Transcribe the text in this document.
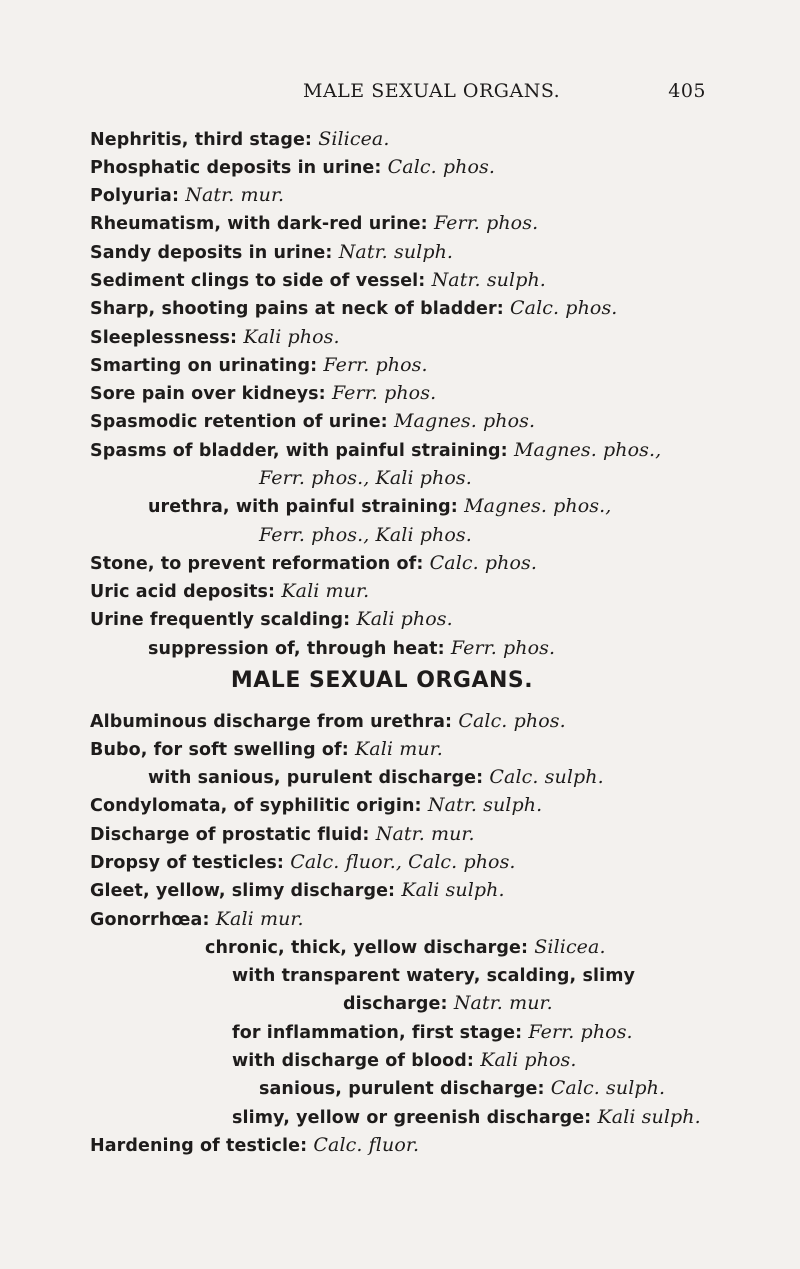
MALE SEXUAL ORGANS.	405
Nephritis, third stage: Silicea.
Phosphatic deposits in urine: Calc. phos.
Polyuria: Natr. mur.
Rheumatism, with dark-red urine: Ferr. phos.
Sandy deposits in urine: Natr. sulph.
Sediment clings to side of vessel: Natr. sulph.
Sharp, shooting pains at neck of bladder: Calc. phos.
Sleeplessness: Kali phos.
Smarting on urinating: Ferr. phos.
Sore pain over kidneys: Ferr. phos.
Spasmodic retention of urine: Magnes. phos.
Spasms of bladder, with painful straining: Magnes. phos.,
Ferr. phos., Kali phos.
urethra, with painful straining: Magnes. phos.,
Ferr. phos., Kali phos.
Stone, to prevent reformation of: Calc. phos.
Uric acid deposits: Kali mur.
Urine frequently scalding: Kali phos.
suppression of, through heat: Ferr. phos.
MALE SEXUAL ORGANS.
Albuminous discharge from urethra: Calc. phos.
Bubo, for soft swelling of: Kali mur.
with sanious, purulent discharge: Calc. sulph.
Condylomata, of syphilitic origin: Natr. sulph.
Discharge of prostatic fluid: Natr. mur.
Dropsy of testicles: Calc. fluor., Calc. phos.
Gleet, yellow, slimy discharge: Kali sulph.
Gonorrhœa: Kali mur.
chronic, thick, yellow discharge: Silicea.
with transparent watery, scalding, slimy
discharge: Natr. mur.
for inflammation, first stage: Ferr. phos.
with discharge of blood: Kali phos.
sanious, purulent discharge: Calc. sulph.
slimy, yellow or greenish discharge: Kali sulph.
Hardening of testicle: Calc. fluor.
